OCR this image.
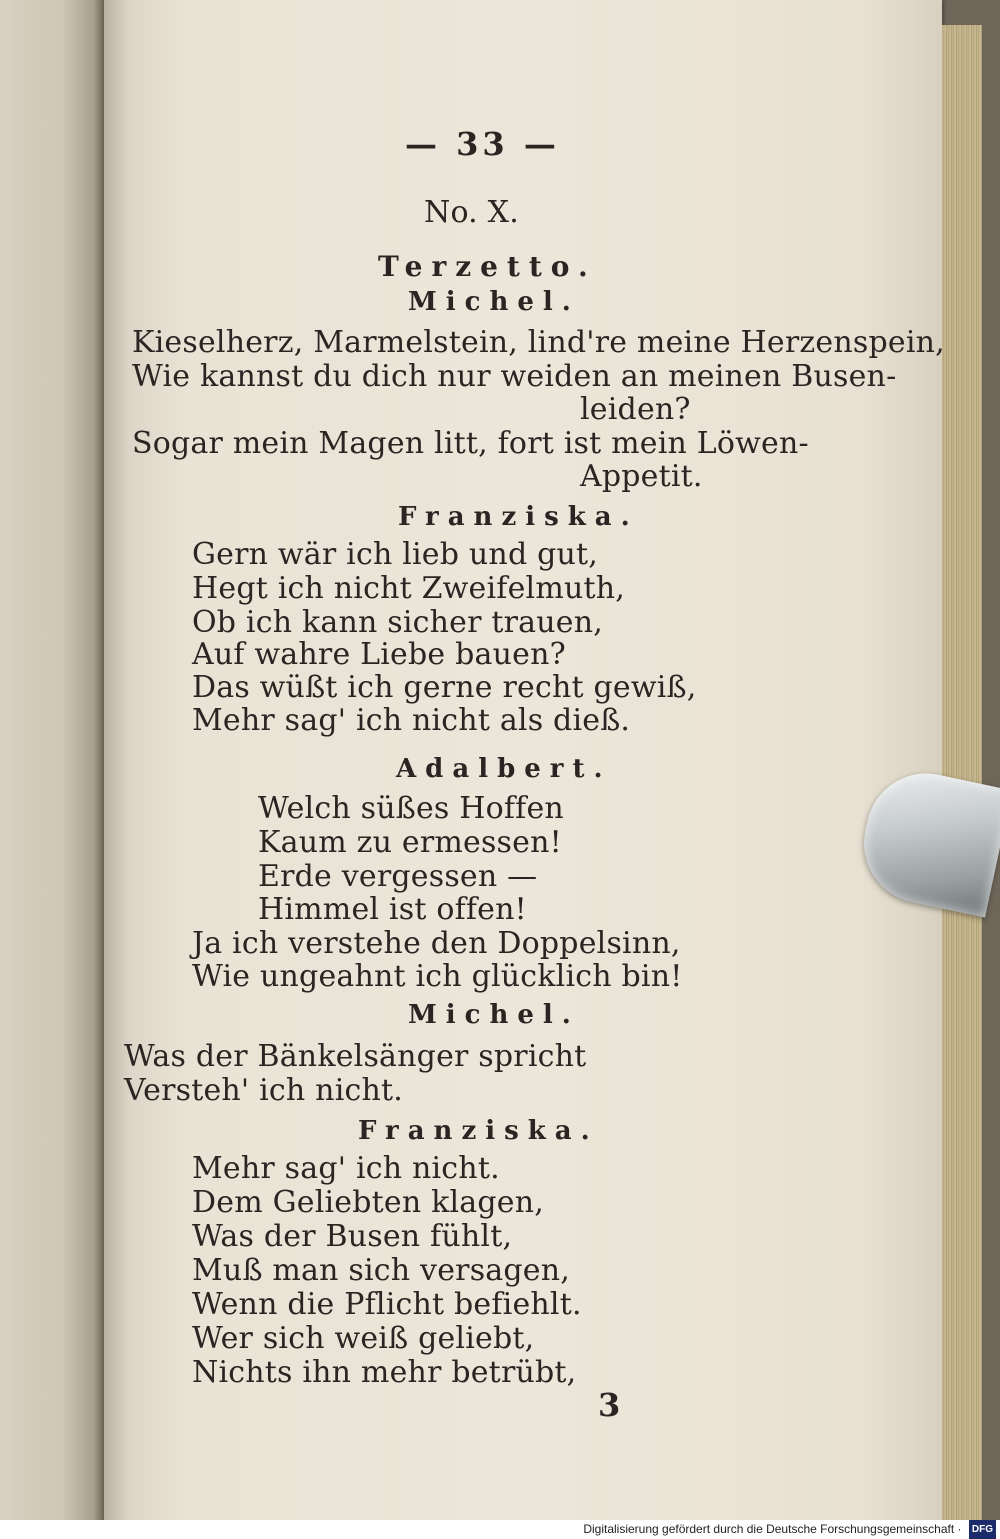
— 33 —
No. X.
Terzetto.
Michel.
Kieselherz, Marmelstein, lind're meine Herzenspein,
Wie kannst du dich nur weiden an meinen Busen-
leiden?
Sogar mein Magen litt, fort ist mein Löwen-
Appetit.
Franziska.
Gern wär ich lieb und gut,
Hegt ich nicht Zweifelmuth,
Ob ich kann sicher trauen,
Auf wahre Liebe bauen?
Das wüßt ich gerne recht gewiß,
Mehr sag' ich nicht als dieß.
Adalbert.
Welch süßes Hoffen
Kaum zu ermessen!
Erde vergessen —
Himmel ist offen!
Ja ich verstehe den Doppelsinn,
Wie ungeahnt ich glücklich bin!
Michel.
Was der Bänkelsänger spricht
Versteh' ich nicht.
Franziska.
Mehr sag' ich nicht.
Dem Geliebten klagen,
Was der Busen fühlt,
Muß man sich versagen,
Wenn die Pflicht befiehlt.
Wer sich weiß geliebt,
Nichts ihn mehr betrübt,
3
Digitalisierung gefördert durch die Deutsche Forschungsgemeinschaft · DFG
